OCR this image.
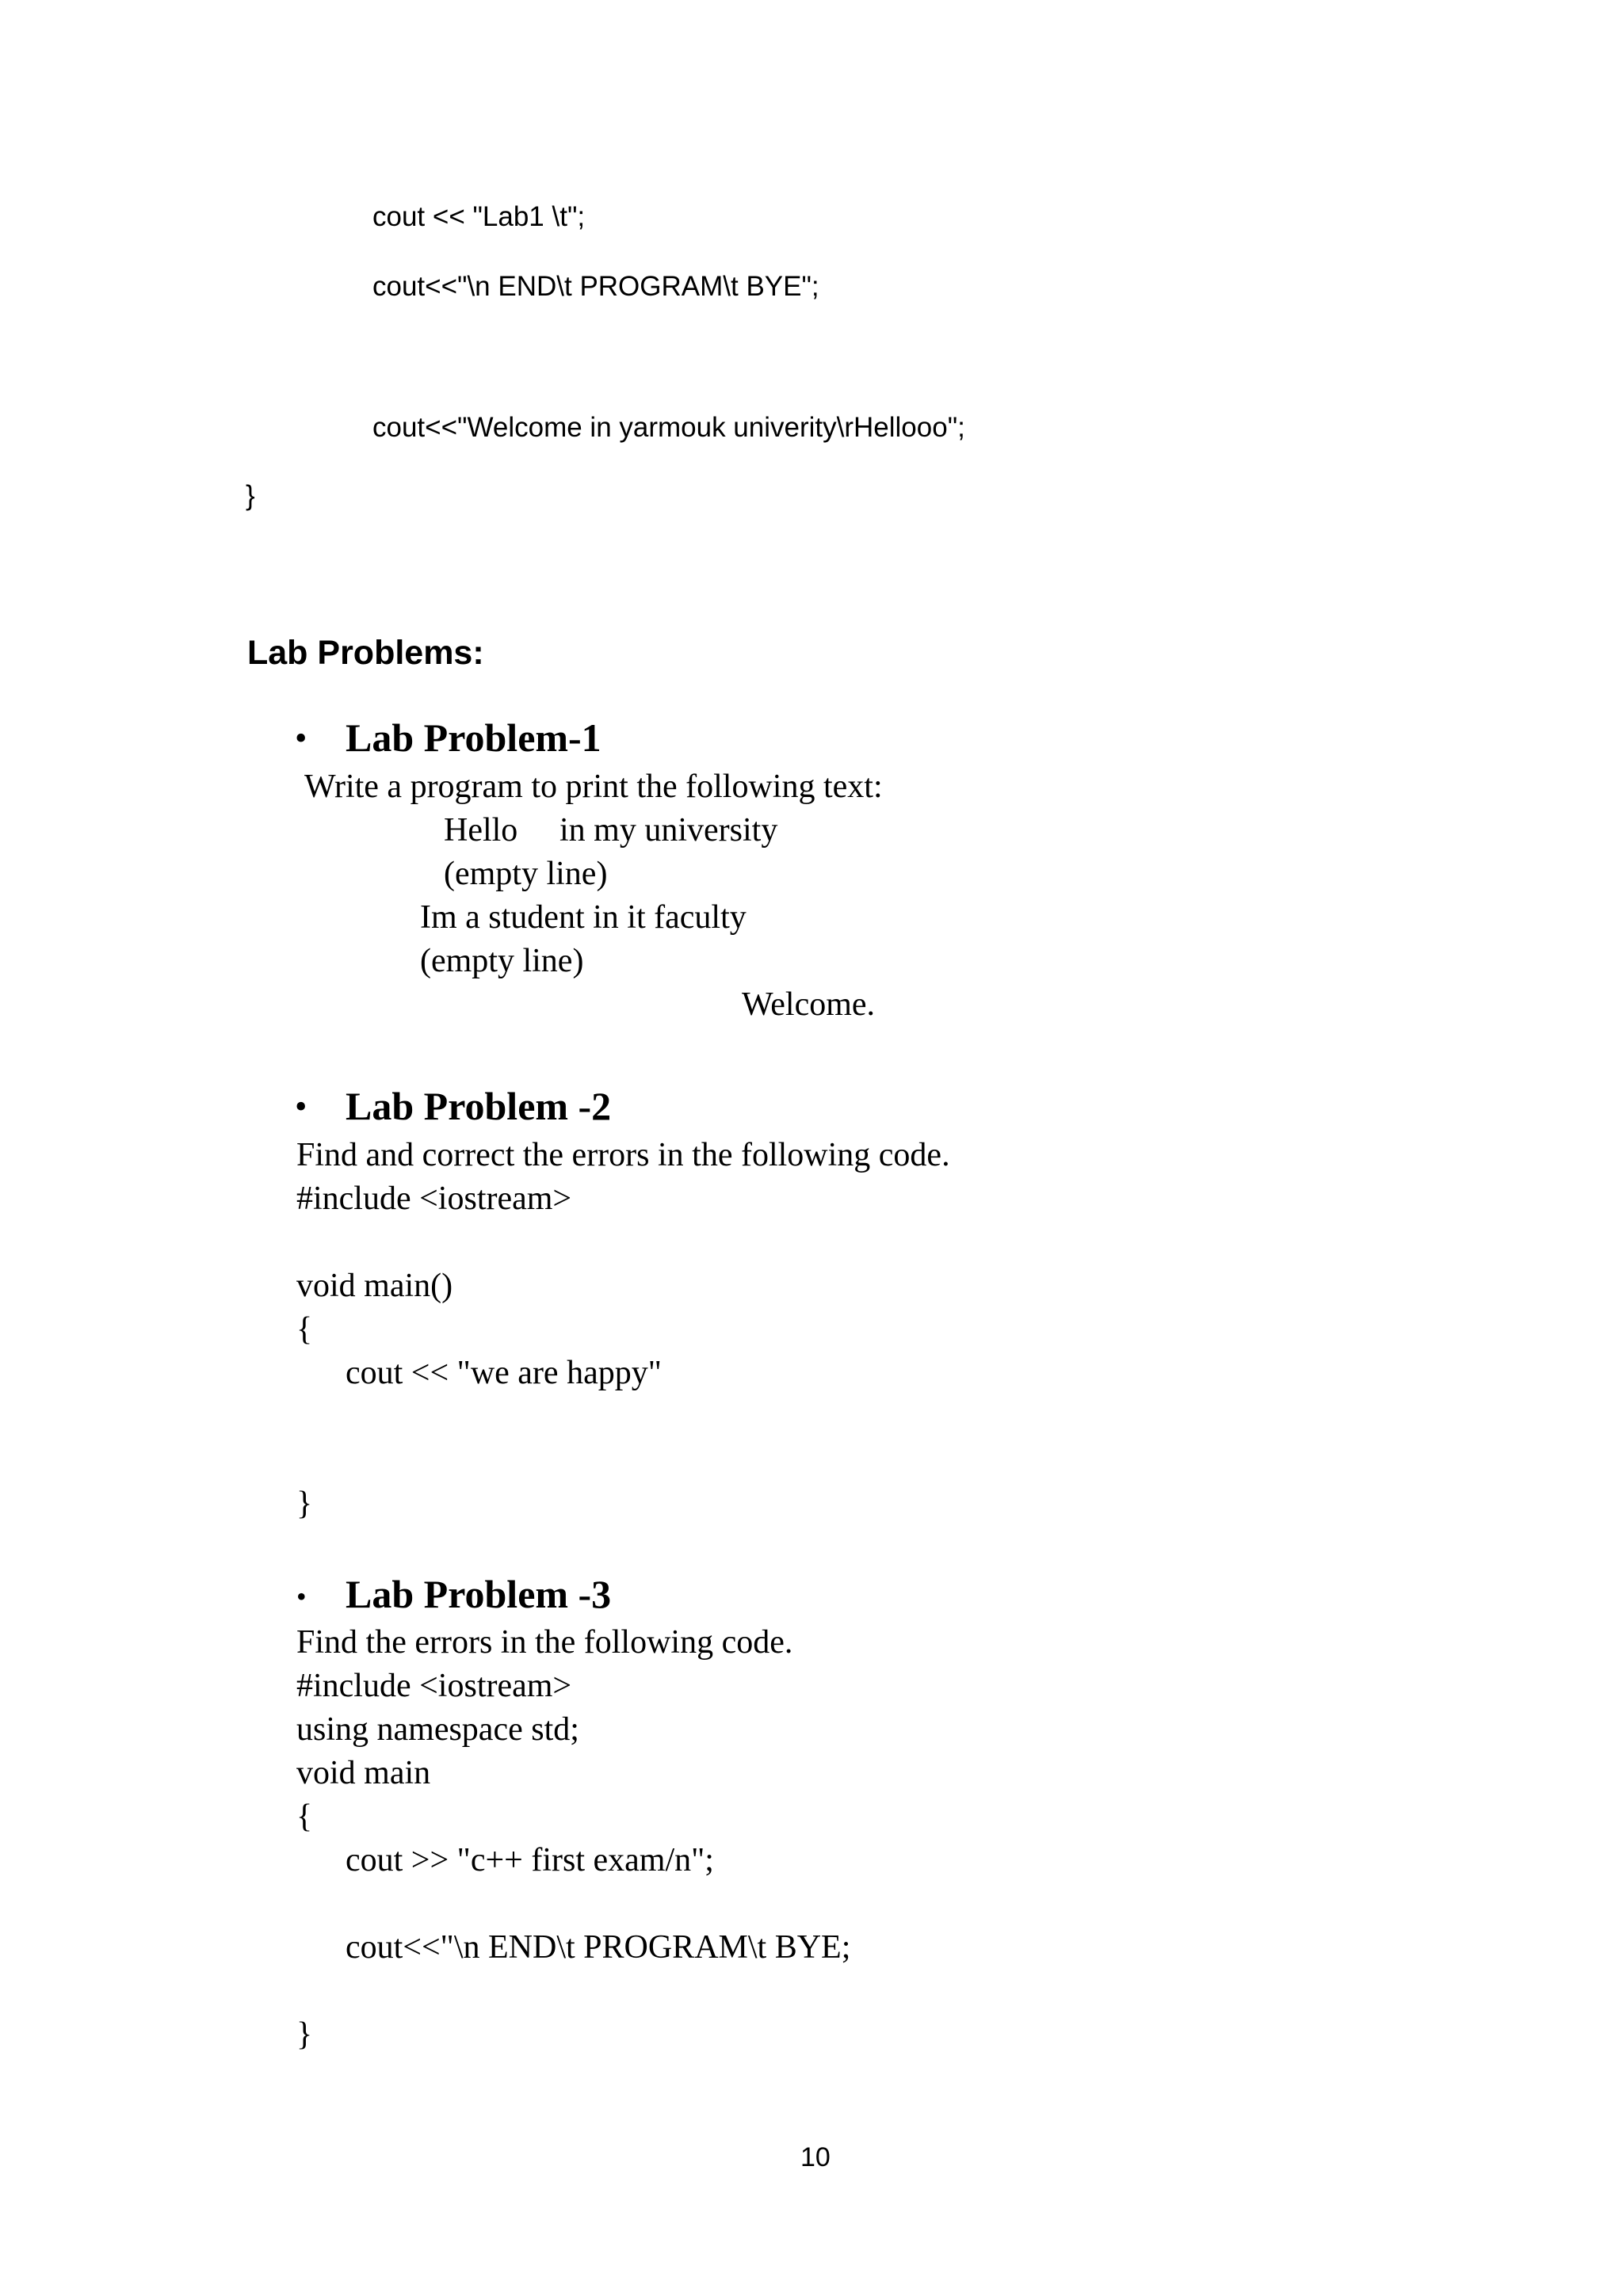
cout << "Lab1 \t";
cout<<"\n END\t PROGRAM\t BYE";
cout<<"Welcome in yarmouk univerity\rHellooo";
}
Lab Problems:
• Lab Problem-1
Write a program to print the following text:
Hello in my university
(empty line)
Im a student in it faculty
(empty line)
Welcome.
• Lab Problem -2
Find and correct the errors in the following code.
#include <iostream>
void main()
{
cout << "we are happy"
}
• Lab Problem -3
Find the errors in the following code.
#include <iostream>
using namespace std;
void main
{
cout >> "c++ first exam/n";
cout<<"\n END\t PROGRAM\t BYE;
}
10
